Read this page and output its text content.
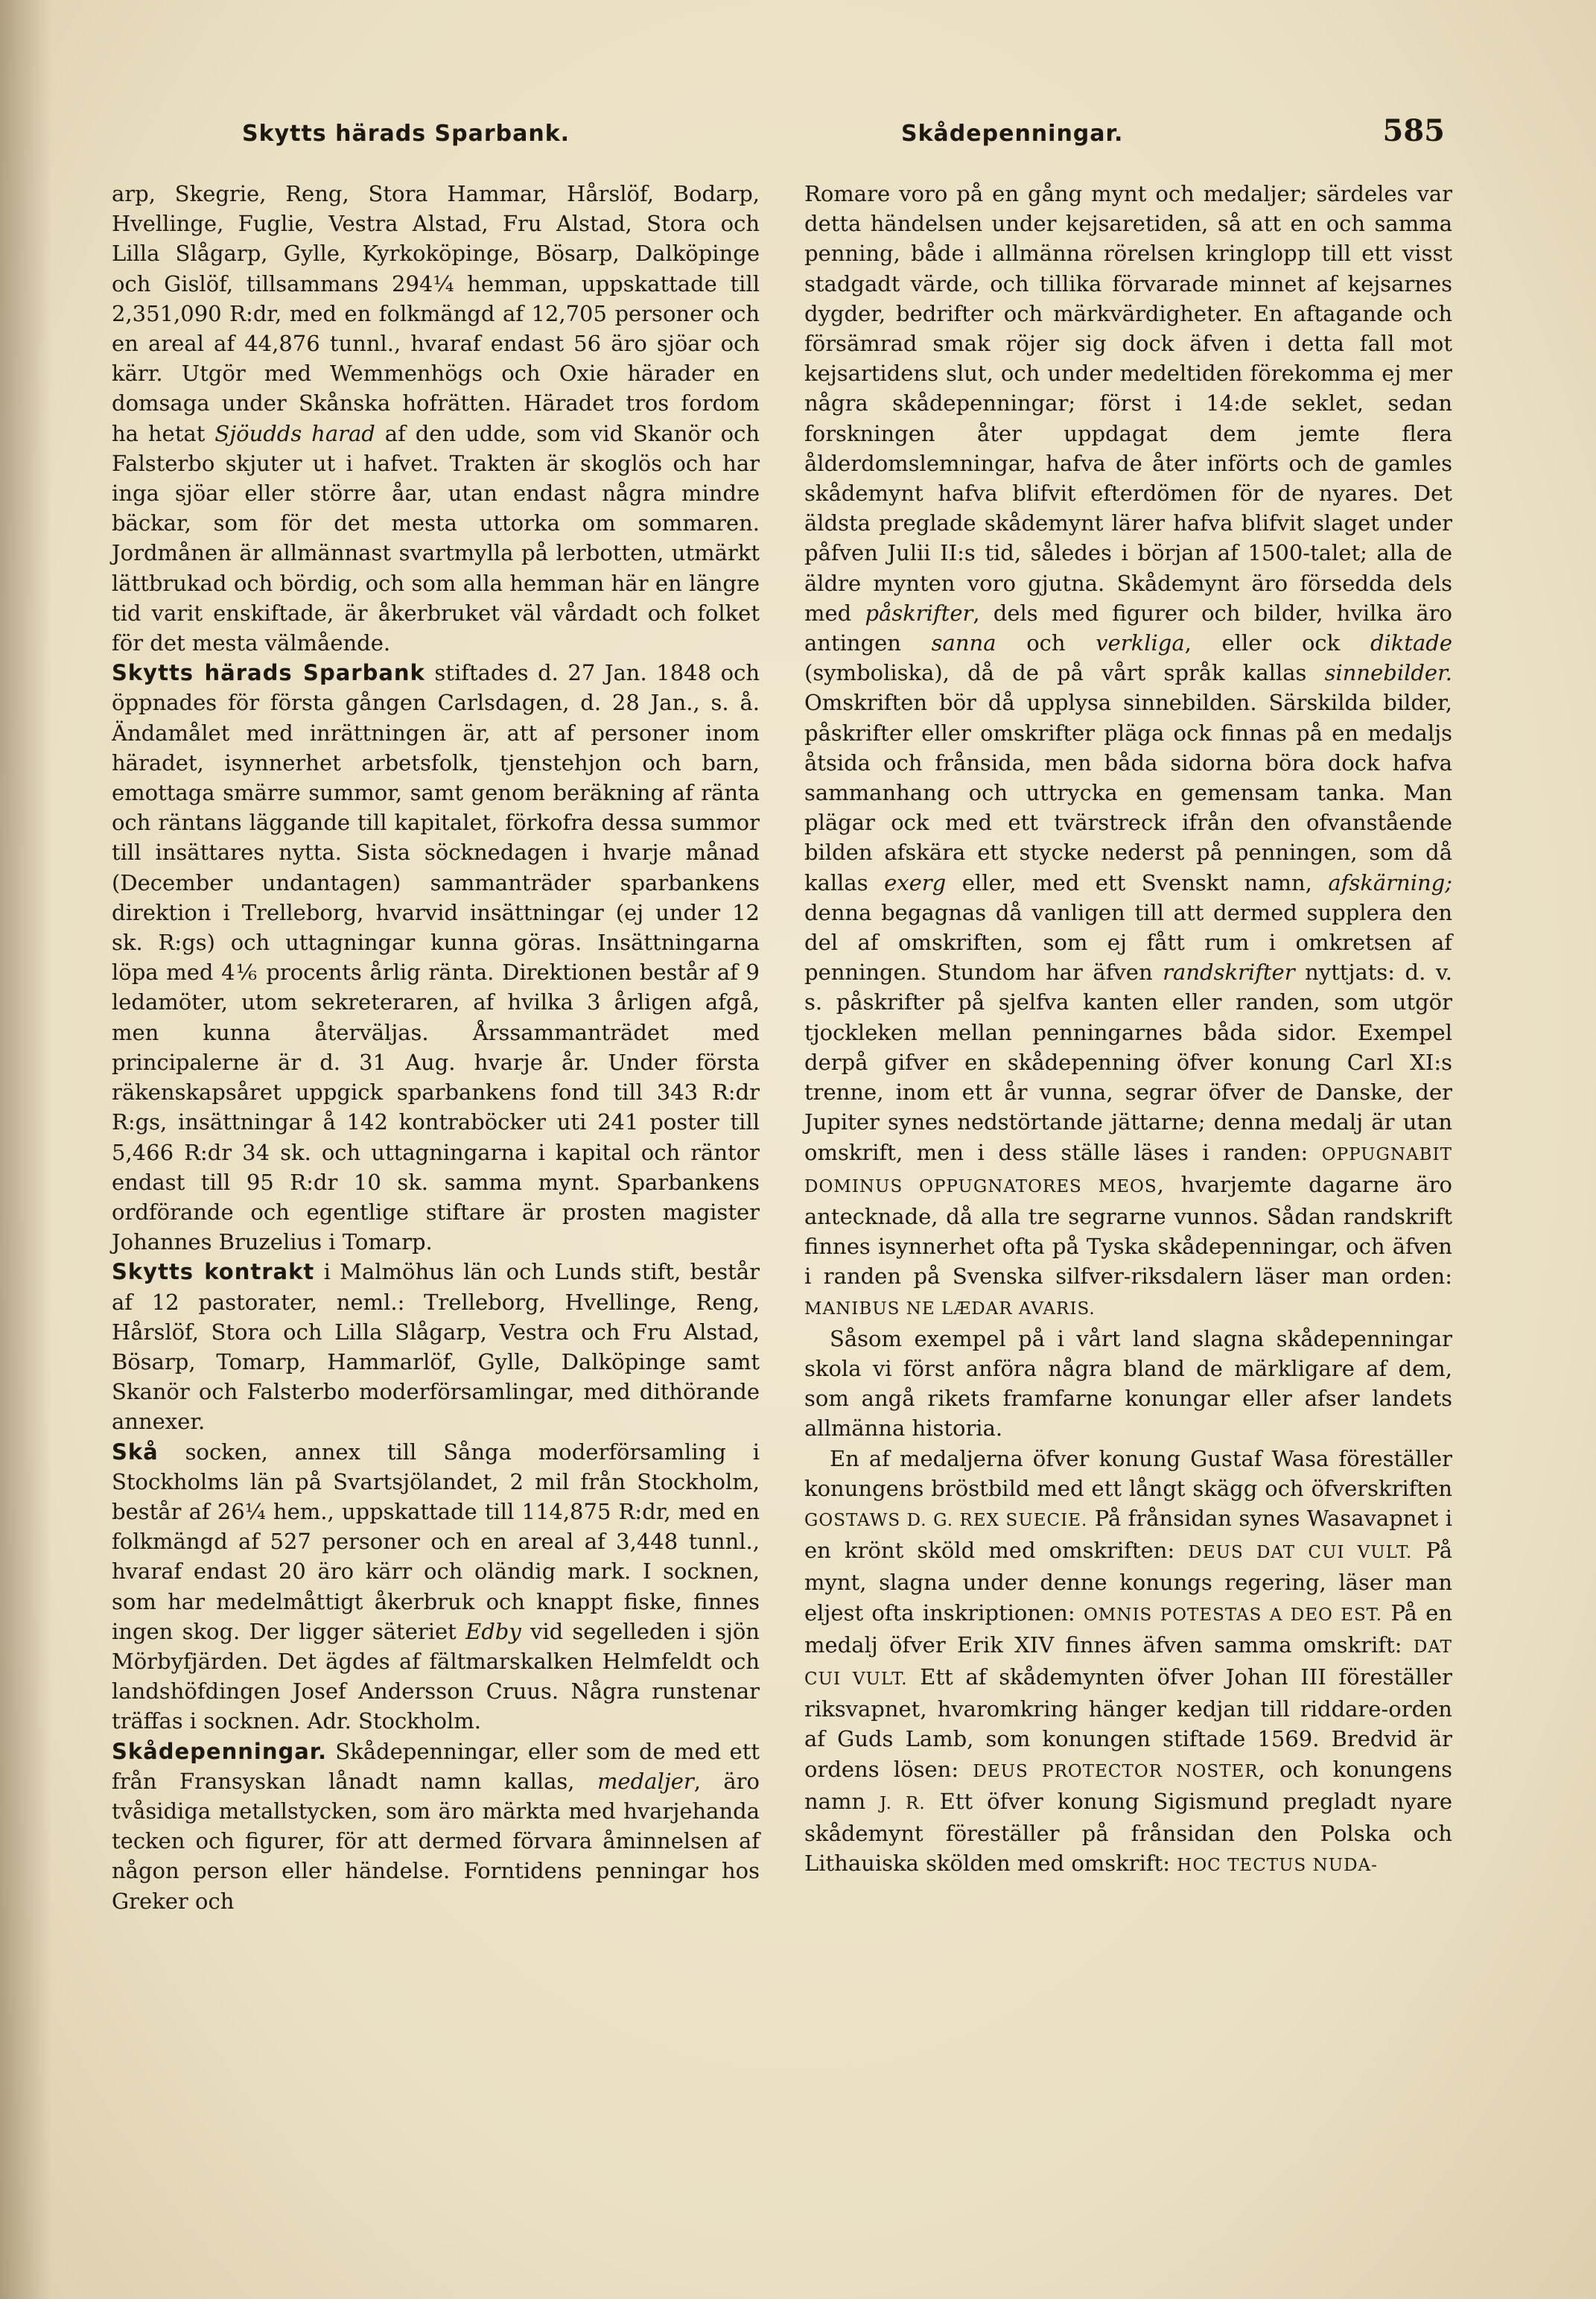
Skytts härads Sparbank.	Skådepenningar.	585

arp, Skegrie, Reng, Stora Hammar, Hårslöf, Bodarp, Hvellinge, Fuglie, Vestra Alstad, Fru Alstad, Stora och Lilla Slågarp, Gylle, Kyrkoköpinge, Bösarp, Dalköpinge och Gislöf, tillsammans 294¼ hemman, uppskattade till 2,351,090 R:dr, med en folkmängd af 12,705 personer och en areal af 44,876 tunnl., hvaraf endast 56 äro sjöar och kärr. Utgör med Wemmenhögs och Oxie härader en domsaga under Skånska hofrätten. Häradet tros fordom ha hetat Sjöudds harad af den udde, som vid Skanör och Falsterbo skjuter ut i hafvet. Trakten är skoglös och har inga sjöar eller större åar, utan endast några mindre bäckar, som för det mesta uttorka om sommaren. Jordmånen är allmännast svartmylla på lerbotten, utmärkt lättbrukad och bördig, och som alla hemman här en längre tid varit enskiftade, är åkerbruket väl vårdadt och folket för det mesta välmående.

Skytts härads Sparbank stiftades d. 27 Jan. 1848 och öppnades för första gången Carlsdagen, d. 28 Jan., s. å. Ändamålet med inrättningen är, att af personer inom häradet, isynnerhet arbetsfolk, tjenstehjon och barn, emottaga smärre summor, samt genom beräkning af ränta och räntans läggande till kapitalet, förkofra dessa summor till insättares nytta. Sista söcknedagen i hvarje månad (December undantagen) sammanträder sparbankens direktion i Trelleborg, hvarvid insättningar (ej under 12 sk. R:gs) och uttagningar kunna göras. Insättningarna löpa med 4⅙ procents årlig ränta. Direktionen består af 9 ledamöter, utom sekreteraren, af hvilka 3 årligen afgå, men kunna återväljas. Årssammanträdet med principalerne är d. 31 Aug. hvarje år. Under första räkenskapsåret uppgick sparbankens fond till 343 R:dr R:gs, insättningar å 142 kontraböcker uti 241 poster till 5,466 R:dr 34 sk. och uttagningarna i kapital och räntor endast till 95 R:dr 10 sk. samma mynt. Sparbankens ordförande och egentlige stiftare är prosten magister Johannes Bruzelius i Tomarp.

Skytts kontrakt i Malmöhus län och Lunds stift, består af 12 pastorater, neml.: Trelleborg, Hvellinge, Reng, Hårslöf, Stora och Lilla Slågarp, Vestra och Fru Alstad, Bösarp, Tomarp, Hammarlöf, Gylle, Dalköpinge samt Skanör och Falsterbo moderförsamlingar, med dithörande annexer.

Skå socken, annex till Sånga moderförsamling i Stockholms län på Svartsjölandet, 2 mil från Stockholm, består af 26¼ hem., uppskattade till 114,875 R:dr, med en folkmängd af 527 personer och en areal af 3,448 tunnl., hvaraf endast 20 äro kärr och oländig mark. I socknen, som har medelmåttigt åkerbruk och knappt fiske, finnes ingen skog. Der ligger säteriet Edby vid segelleden i sjön Mörbyfjärden. Det ägdes af fältmarskalken Helmfeldt och landshöfdingen Josef Andersson Cruus. Några runstenar träffas i socknen. Adr. Stockholm.

Skådepenningar. Skådepenningar, eller som de med ett från Fransyskan lånadt namn kallas, medaljer, äro tvåsidiga metallstycken, som äro märkta med hvarjehanda tecken och figurer, för att dermed förvara åminnelsen af någon person eller händelse. Forntidens penningar hos Greker och

Romare voro på en gång mynt och medaljer; särdeles var detta händelsen under kejsaretiden, så att en och samma penning, både i allmänna rörelsen kringlopp till ett visst stadgadt värde, och tillika förvarade minnet af kejsarnes dygder, bedrifter och märkvärdigheter. En aftagande och försämrad smak röjer sig dock äfven i detta fall mot kejsartidens slut, och under medeltiden förekomma ej mer några skådepenningar; först i 14:de seklet, sedan forskningen åter uppdagat dem jemte flera ålderdomslemningar, hafva de åter införts och de gamles skådemynt hafva blifvit efterdömen för de nyares. Det äldsta preglade skådemynt lärer hafva blifvit slaget under påfven Julii II:s tid, således i början af 1500-talet; alla de äldre mynten voro gjutna. Skådemynt äro försedda dels med påskrifter, dels med figurer och bilder, hvilka äro antingen sanna och verkliga, eller ock diktade (symboliska), då de på vårt språk kallas sinnebilder. Omskriften bör då upplysa sinnebilden. Särskilda bilder, påskrifter eller omskrifter pläga ock finnas på en medaljs åtsida och frånsida, men båda sidorna böra dock hafva sammanhang och uttrycka en gemensam tanka. Man plägar ock med ett tvärstreck ifrån den ofvanstående bilden afskära ett stycke nederst på penningen, som då kallas exerg eller, med ett Svenskt namn, afskärning; denna begagnas då vanligen till att dermed supplera den del af omskriften, som ej fått rum i omkretsen af penningen. Stundom har äfven randskrifter nyttjats: d. v. s. påskrifter på sjelfva kanten eller randen, som utgör tjockleken mellan penningarnes båda sidor. Exempel derpå gifver en skådepenning öfver konung Carl XI:s trenne, inom ett år vunna, segrar öfver de Danske, der Jupiter synes nedstörtande jättarne; denna medalj är utan omskrift, men i dess ställe läses i randen: OPPUGNABIT DOMINUS OPPUGNATORES MEOS, hvarjemte dagarne äro antecknade, då alla tre segrarne vunnos. Sådan randskrift finnes isynnerhet ofta på Tyska skådepenningar, och äfven i randen på Svenska silfver-riksdalern läser man orden: MANIBUS NE LÆDAR AVARIS.

Såsom exempel på i vårt land slagna skådepenningar skola vi först anföra några bland de märkligare af dem, som angå rikets framfarne konungar eller afser landets allmänna historia.

En af medaljerna öfver konung Gustaf Wasa föreställer konungens bröstbild med ett långt skägg och öfverskriften GOSTAWS D. G. REX SUECIE. På frånsidan synes Wasavapnet i en krönt sköld med omskriften: DEUS DAT CUI VULT. På mynt, slagna under denne konungs regering, läser man eljest ofta inskriptionen: OMNIS POTESTAS A DEO EST. På en medalj öfver Erik XIV finnes äfven samma omskrift: DAT CUI VULT. Ett af skådemynten öfver Johan III föreställer riksvapnet, hvaromkring hänger kedjan till riddare-orden af Guds Lamb, som konungen stiftade 1569. Bredvid är ordens lösen: DEUS PROTECTOR NOSTER, och konungens namn J. R. Ett öfver konung Sigismund pregladt nyare skådemynt föreställer på frånsidan den Polska och Lithauiska skölden med omskrift: HOC TECTUS NUDA-
